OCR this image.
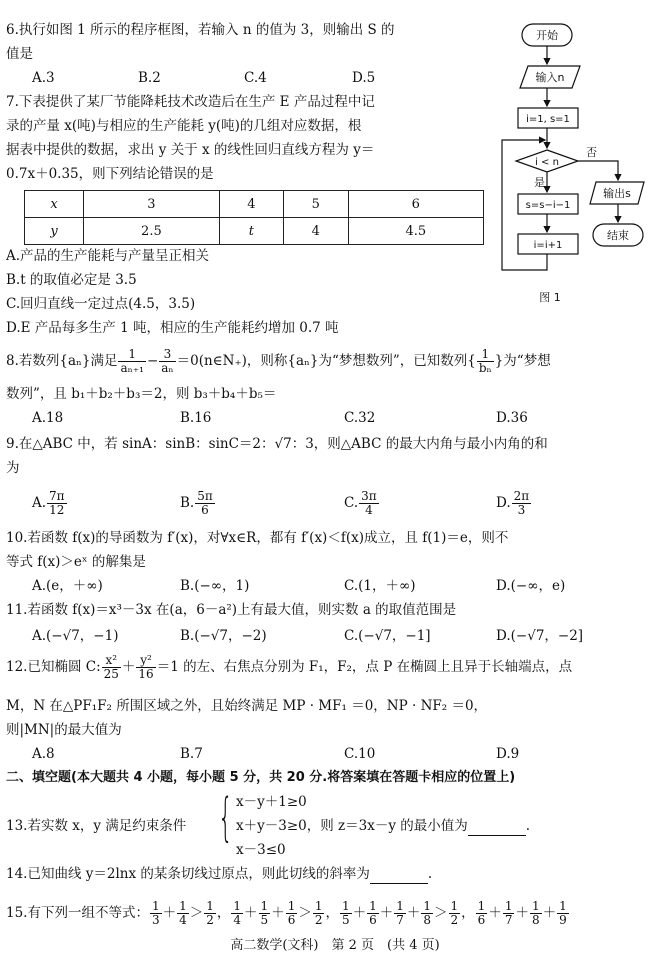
6.执行如图 1 所示的程序框图，若输入 n 的值为 3，则输出 S 的
值是
A.3	B.2	C.4	D.5
7.下表提供了某厂节能降耗技术改造后在生产 E 产品过程中记
录的产量 x(吨)与相应的生产能耗 y(吨)的几组对应数据，根
据表中提供的数据，求出 y 关于 x 的线性回归直线方程为 y＝
0.7x＋0.35，则下列结论错误的是
x	3	4	5	6
y	2.5	t	4	4.5
A.产品的生产能耗与产量呈正相关
B.t 的取值必定是 3.5
C.回归直线一定过点(4.5，3.5)
D.E 产品每多生产 1 吨，相应的生产能耗约增加 0.7 吨
开始
输入n
i=1, s=1
i < n
否
是
s=s−i−1
i=i+1
输出s
结束
图 1
8.若数列{aₙ}满足 $\frac{1}{\text{aₙ₊₁}} - \frac{3}{\text{aₙ}}$ ＝0(n∈N₊)，则称{aₙ}为“梦想数列”，已知数列{ $\frac{1}{\text{bₙ}}$ }为“梦想
数列”，且 b₁＋b₂＋b₃＝2，则 b₃＋b₄＋b₅＝
A.18	B.16	C.32	D.36
9.在△ABC 中，若 sinA：sinB：sinC＝2：√7：3，则△ABC 的最大内角与最小内角的和
为
A. $\frac{7\pi}{12}$	B. $\frac{5\pi}{6}$	C. $\frac{3\pi}{4}$	D. $\frac{2\pi}{3}$
10.若函数 f(x)的导函数为 f′(x)，对∀x∈R，都有 f′(x)＜f(x)成立，且 f(1)＝e，则不
等式 f(x)＞eˣ 的解集是
A.(e，＋∞)	B.(−∞，1)	C.(1，＋∞)	D.(−∞，e)
11.若函数 f(x)＝x³－3x 在(a，6－a²)上有最大值，则实数 a 的取值范围是
A.(−√7，−1)	B.(−√7，−2)	C.(−√7，−1]	D.(−√7，−2]
12.已知椭圆 C: $\frac{\text{x²}}{25} + \frac{\text{y²}}{16} =1$ 的左、右焦点分别为 F₁，F₂，点 P 在椭圆上且异于长轴端点，点
M，N 在△PF₁F₂ 所围区域之外，且始终满足 MP · MF₁ ＝0，NP · NF₂ ＝0，
则|MN|的最大值为
A.8	B.7	C.10	D.9
二、填空题(本大题共 4 小题，每小题 5 分，共 20 分.将答案填在答题卡相应的位置上)
13.若实数 x，y 满足约束条件 { x－y＋1≥0
x＋y－3≥0，则 z＝3x－y 的最小值为	.
x－3≤0
14.已知曲线 y＝2lnx 的某条切线过原点，则此切线的斜率为	.
15.有下列一组不等式： $\frac{1}{3} + \frac{1}{4} > \frac{1}{2}$ ， $\frac{1}{4} + \frac{1}{5} + \frac{1}{6} > \frac{1}{2}$ ， $\frac{1}{5} + \frac{1}{6} + \frac{1}{7} + \frac{1}{8} > \frac{1}{2}$ ， $\frac{1}{6} + \frac{1}{7} + \frac{1}{8} + \frac{1}{9}$
高二数学(文科)　第 2 页　(共 4 页)
